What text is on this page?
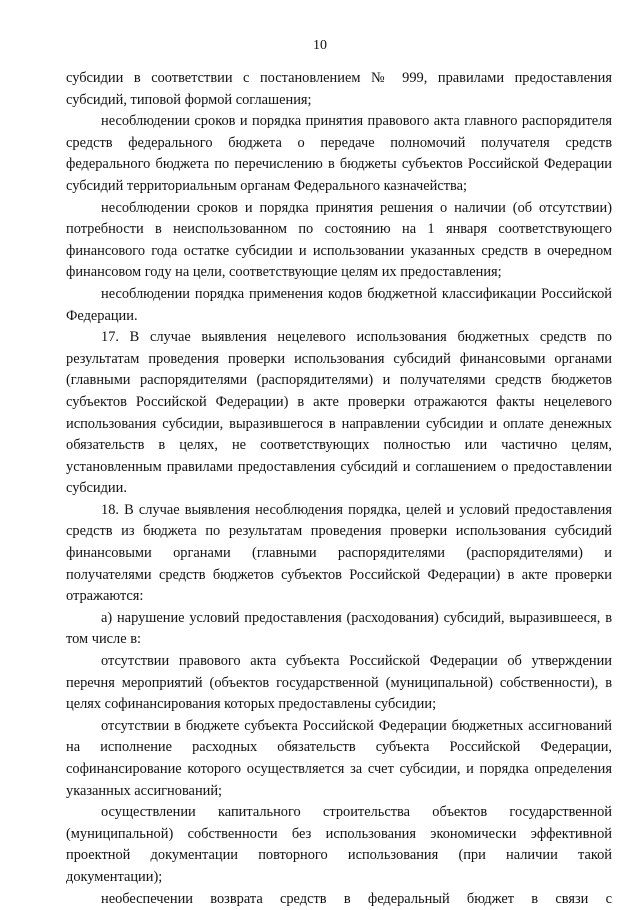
10

субсидии в соответствии с постановлением № 999, правилами предоставления субсидий, типовой формой соглашения;

несоблюдении сроков и порядка принятия правового акта главного распорядителя средств федерального бюджета о передаче полномочий получателя средств федерального бюджета по перечислению в бюджеты субъектов Российской Федерации субсидий территориальным органам Федерального казначейства;

несоблюдении сроков и порядка принятия решения о наличии (об отсутствии) потребности в неиспользованном по состоянию на 1 января соответствующего финансового года остатке субсидии и использовании указанных средств в очередном финансовом году на цели, соответствующие целям их предоставления;

несоблюдении порядка применения кодов бюджетной классификации Российской Федерации.

17. В случае выявления нецелевого использования бюджетных средств по результатам проведения проверки использования субсидий финансовыми органами (главными распорядителями (распорядителями) и получателями средств бюджетов субъектов Российской Федерации) в акте проверки отражаются факты нецелевого использования субсидии, выразившегося в направлении субсидии и оплате денежных обязательств в целях, не соответствующих полностью или частично целям, установленным правилами предоставления субсидий и соглашением о предоставлении субсидии.

18. В случае выявления несоблюдения порядка, целей и условий предоставления средств из бюджета по результатам проведения проверки использования субсидий финансовыми органами (главными распорядителями (распорядителями) и получателями средств бюджетов субъектов Российской Федерации) в акте проверки отражаются:

а) нарушение условий предоставления (расходования) субсидий, выразившееся, в том числе в:

отсутствии правового акта субъекта Российской Федерации об утверждении перечня мероприятий (объектов государственной (муниципальной) собственности), в целях софинансирования которых предоставлены субсидии;

отсутствии в бюджете субъекта Российской Федерации бюджетных ассигнований на исполнение расходных обязательств субъекта Российской Федерации, софинансирование которого осуществляется за счет субсидии, и порядка определения указанных ассигнований;

осуществлении капитального строительства объектов государственной (муниципальной) собственности без использования экономически эффективной проектной документации повторного использования (при наличии такой документации);

необеспечении возврата средств в федеральный бюджет в связи с
